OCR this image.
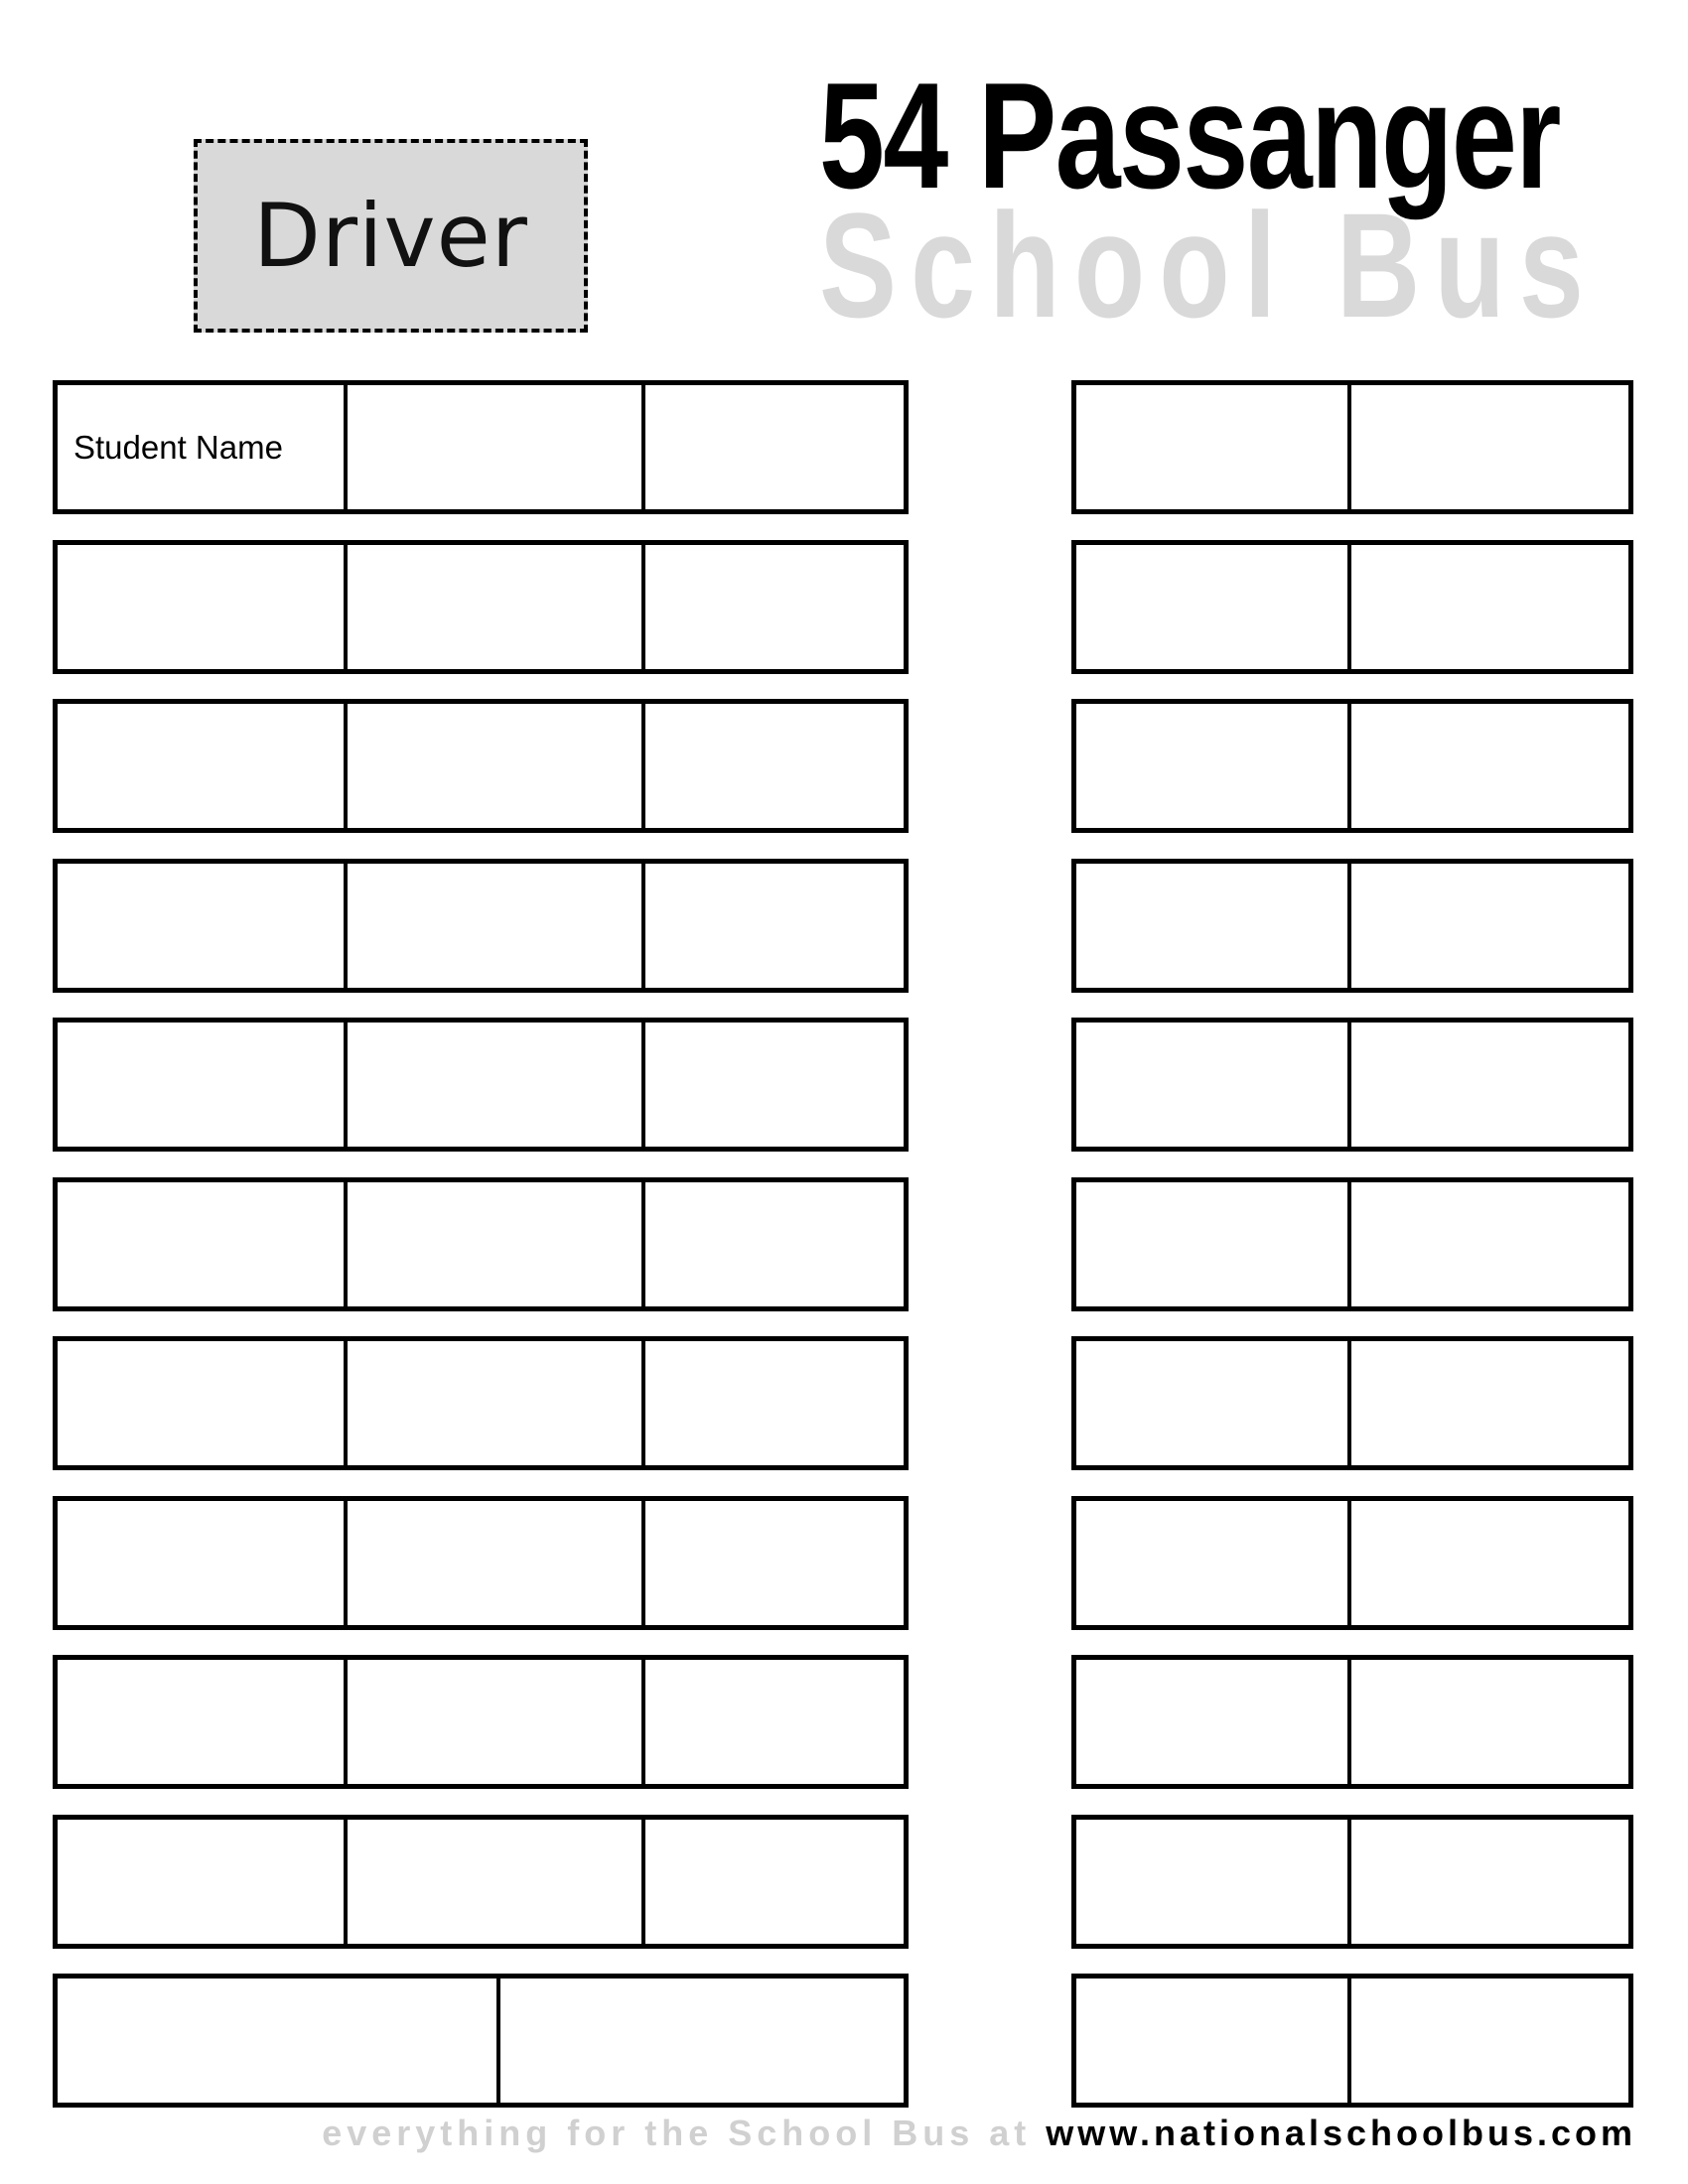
Driver
54 Passanger
School Bus
Student Name
everything for the School Bus at www.nationalschoolbus.com
